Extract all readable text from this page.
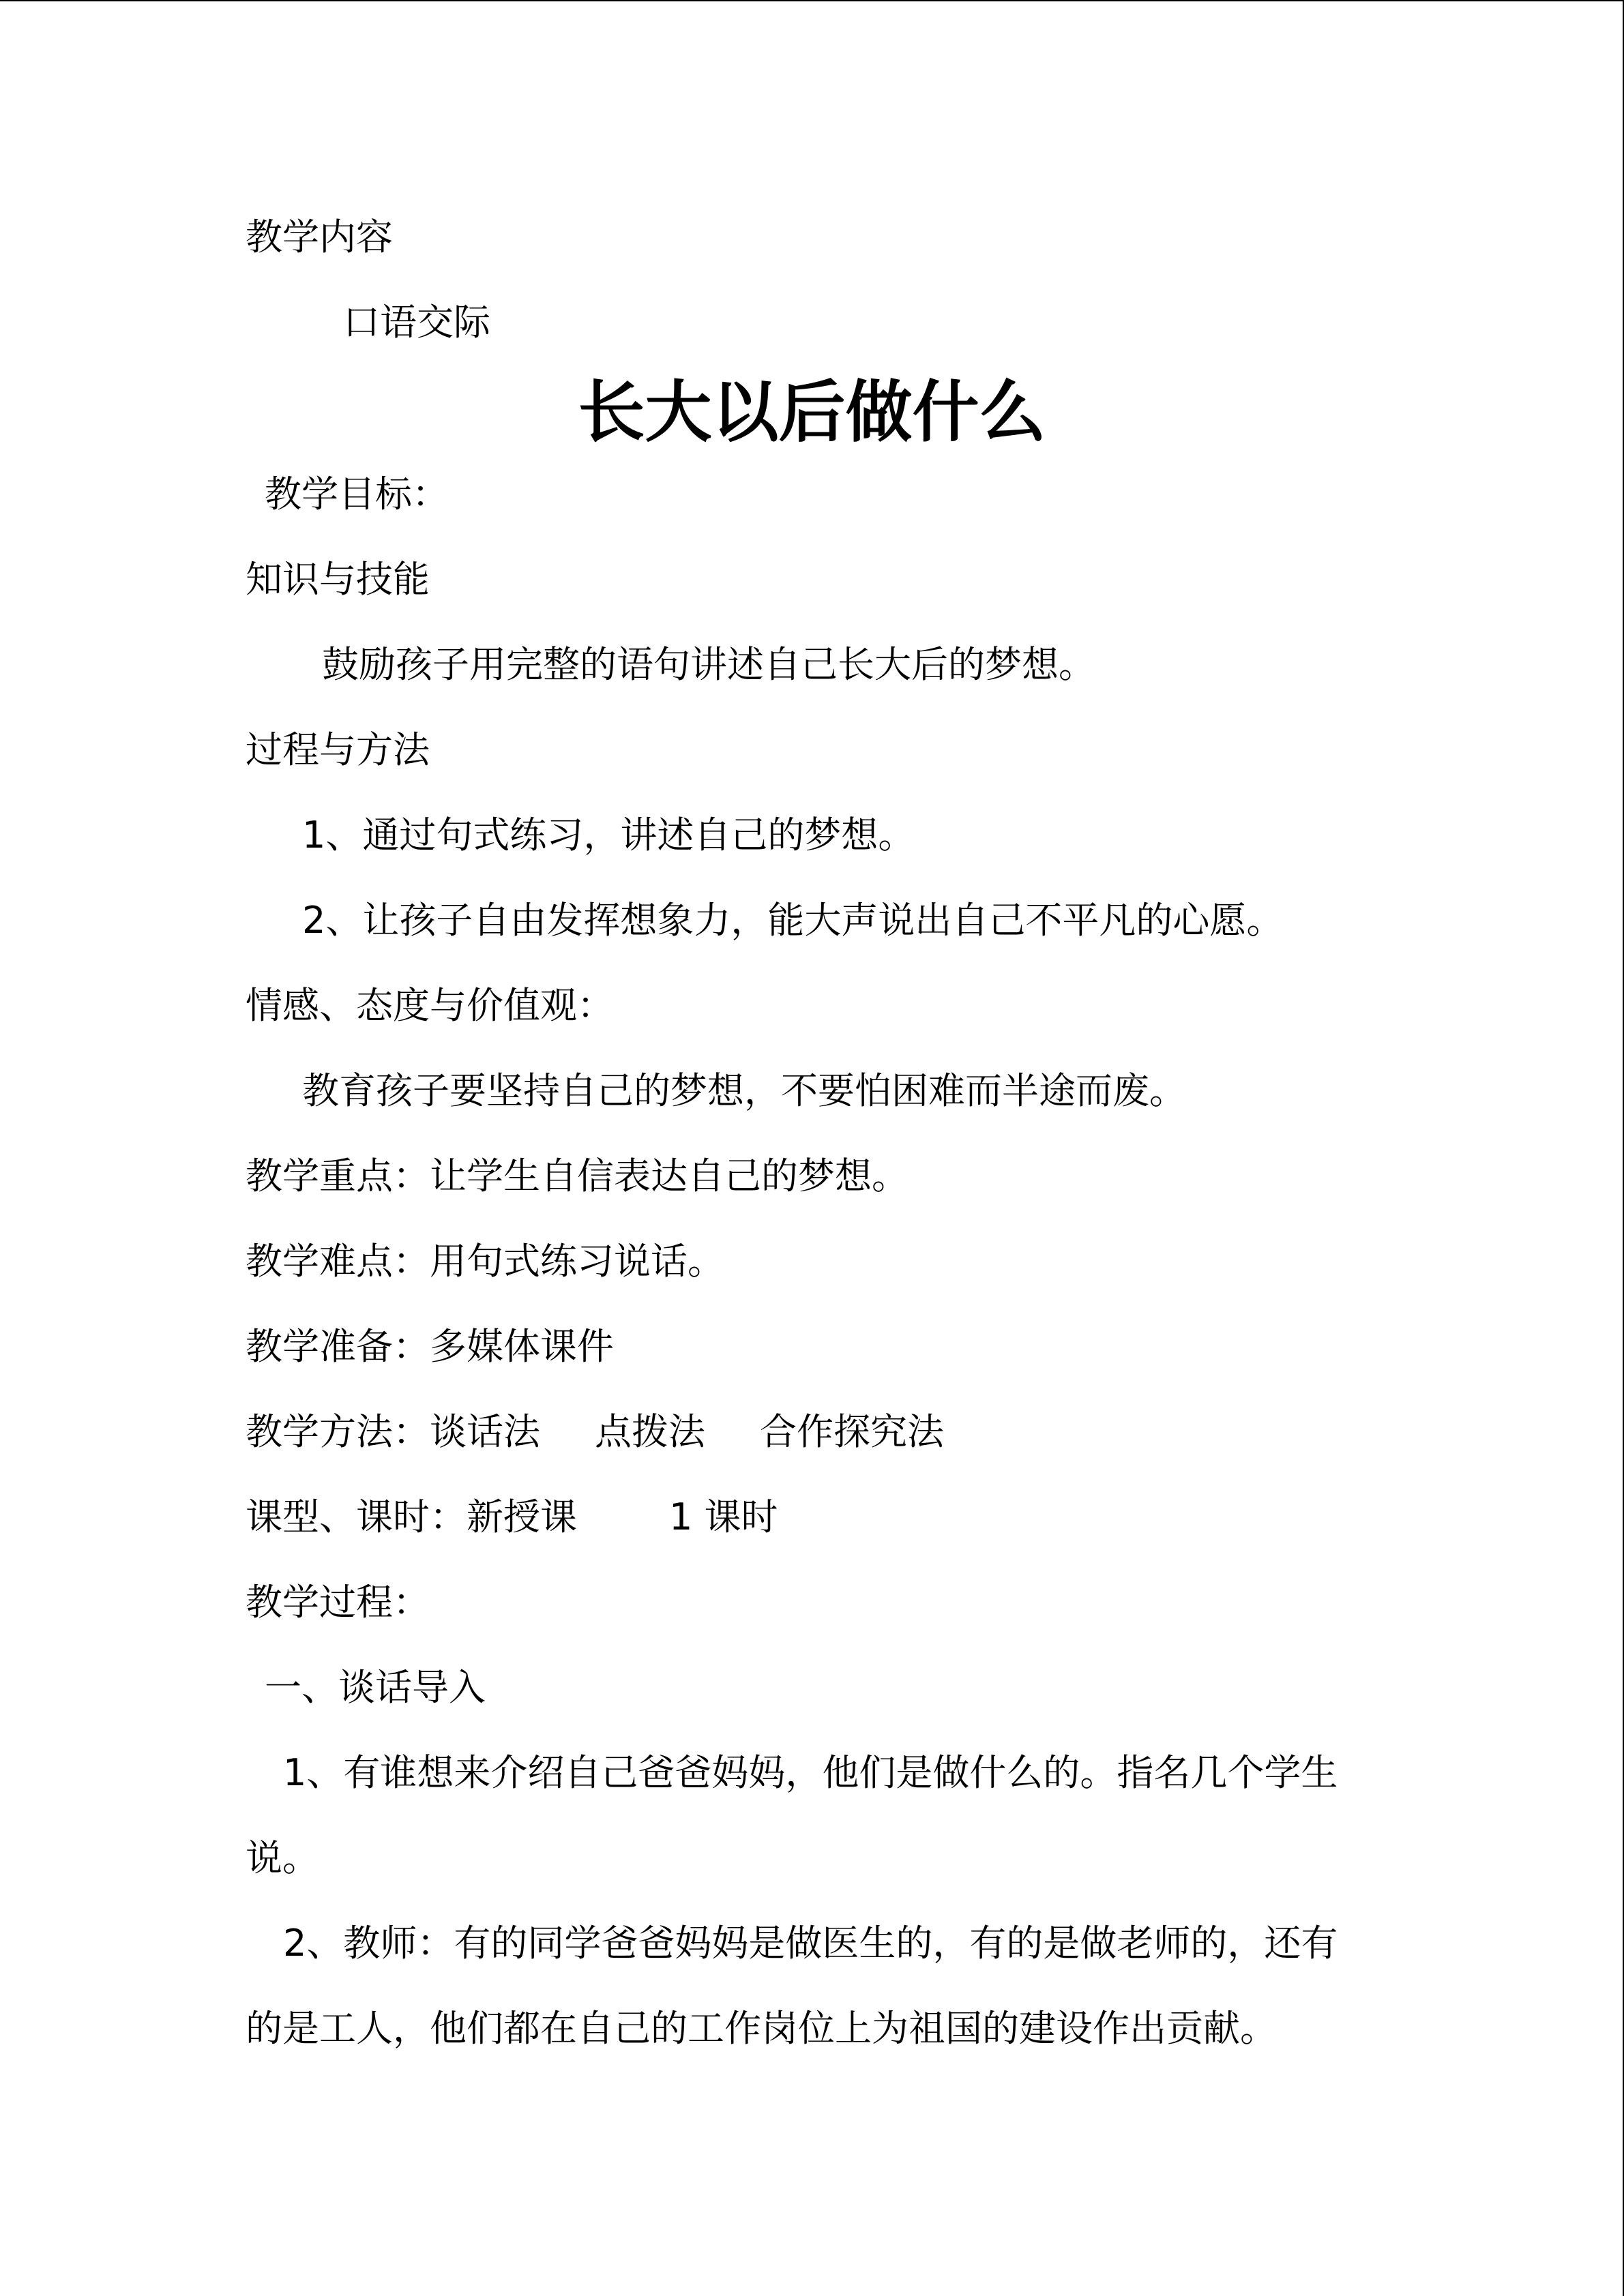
教学内容

口语交际

长大以后做什么

教学目标：

知识与技能

鼓励孩子用完整的语句讲述自己长大后的梦想。

过程与方法

1、通过句式练习，讲述自己的梦想。

2、让孩子自由发挥想象力，能大声说出自己不平凡的心愿。

情感、态度与价值观：

教育孩子要坚持自己的梦想，不要怕困难而半途而废。

教学重点：让学生自信表达自己的梦想。

教学难点：用句式练习说话。

教学准备：多媒体课件

教学方法：谈话法 点拨法 合作探究法

课型、课时：新授课	1 课时

教学过程：

一、谈话导入

1、有谁想来介绍自己爸爸妈妈，他们是做什么的。指名几个学生

说。

2、教师：有的同学爸爸妈妈是做医生的，有的是做老师的，还有

的是工人，他们都在自己的工作岗位上为祖国的建设作出贡献。
